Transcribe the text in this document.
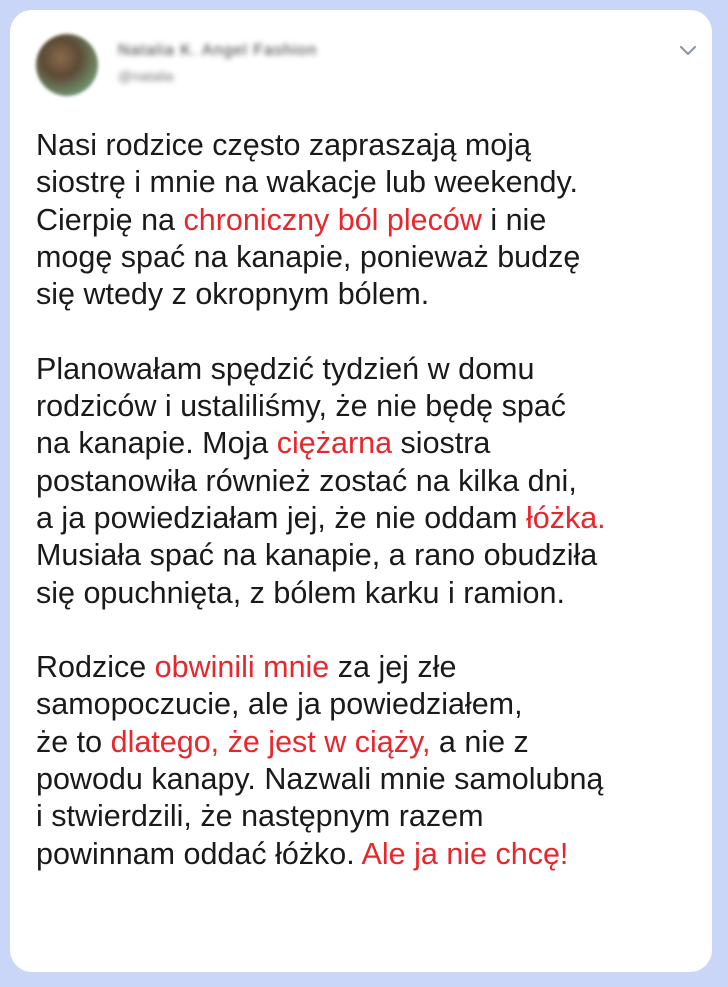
Natalia K. Angel Fashion
@natalia

Nasi rodzice często zapraszają moją
siostrę i mnie na wakacje lub weekendy.
Cierpię na chroniczny ból pleców i nie
mogę spać na kanapie, ponieważ budzę
się wtedy z okropnym bólem.

Planowałam spędzić tydzień w domu
rodziców i ustaliliśmy, że nie będę spać
na kanapie. Moja ciężarna siostra
postanowiła również zostać na kilka dni,
a ja powiedziałam jej, że nie oddam łóżka.
Musiała spać na kanapie, a rano obudziła
się opuchnięta, z bólem karku i ramion.

Rodzice obwinili mnie za jej złe
samopoczucie, ale ja powiedziałem,
że to dlatego, że jest w ciąży, a nie z
powodu kanapy. Nazwali mnie samolubną
i stwierdzili, że następnym razem
powinnam oddać łóżko. Ale ja nie chcę!
